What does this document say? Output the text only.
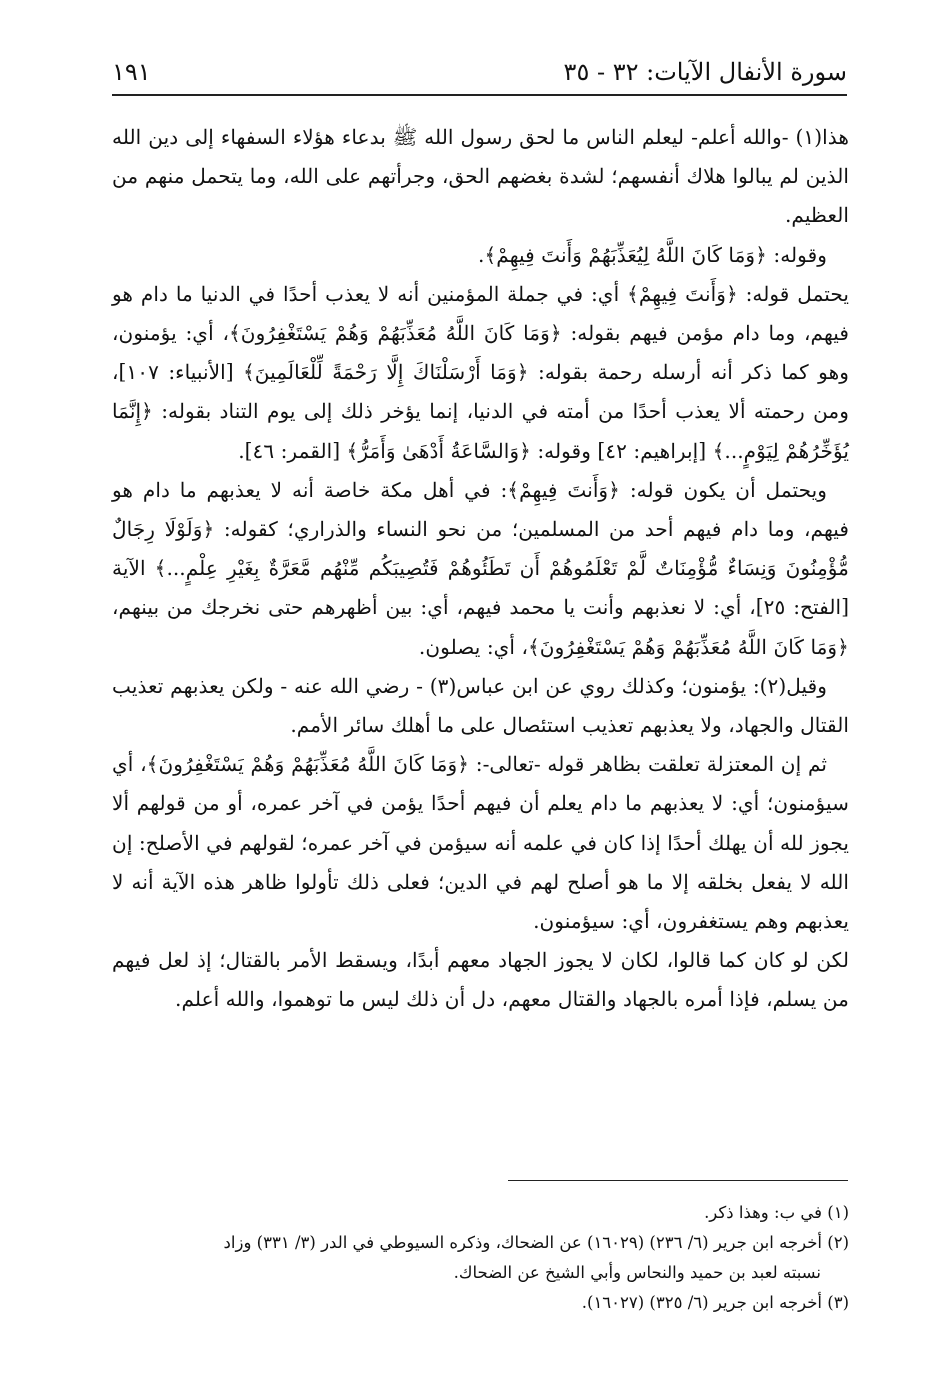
سورة الأنفال الآيات: ٣٢ - ٣٥
١٩١

هذا(١) -والله أعلم- ليعلم الناس ما لحق رسول الله ﷺ بدعاء هؤلاء السفهاء إلى دين الله الذين لم يبالوا هلاك أنفسهم؛ لشدة بغضهم الحق، وجرأتهم على الله، وما يتحمل منهم من العظيم.

وقوله: ﴿وَمَا كَانَ اللَّهُ لِيُعَذِّبَهُمْ وَأَنتَ فِيهِمْ﴾.

يحتمل قوله: ﴿وَأَنتَ فِيهِمْ﴾ أي: في جملة المؤمنين أنه لا يعذب أحدًا في الدنيا ما دام هو فيهم، وما دام مؤمن فيهم بقوله: ﴿وَمَا كَانَ اللَّهُ مُعَذِّبَهُمْ وَهُمْ يَسْتَغْفِرُونَ﴾، أي: يؤمنون، وهو كما ذكر أنه أرسله رحمة بقوله: ﴿وَمَا أَرْسَلْنَاكَ إِلَّا رَحْمَةً لِّلْعَالَمِينَ﴾ [الأنبياء: ١٠٧]، ومن رحمته ألا يعذب أحدًا من أمته في الدنيا، إنما يؤخر ذلك إلى يوم التناد بقوله: ﴿إِنَّمَا يُؤَخِّرُهُمْ لِيَوْمٍ...﴾ [إبراهيم: ٤٢] وقوله: ﴿وَالسَّاعَةُ أَدْهَىٰ وَأَمَرُّ﴾ [القمر: ٤٦].

ويحتمل أن يكون قوله: ﴿وَأَنتَ فِيهِمْ﴾: في أهل مكة خاصة أنه لا يعذبهم ما دام هو فيهم، وما دام فيهم أحد من المسلمين؛ من نحو النساء والذراري؛ كقوله: ﴿وَلَوْلَا رِجَالٌ مُّؤْمِنُونَ وَنِسَاءٌ مُّؤْمِنَاتٌ لَّمْ تَعْلَمُوهُمْ أَن تَطَئُوهُمْ فَتُصِيبَكُم مِّنْهُم مَّعَرَّةٌ بِغَيْرِ عِلْمٍ...﴾ الآية [الفتح: ٢٥]، أي: لا نعذبهم وأنت يا محمد فيهم، أي: بين أظهرهم حتى نخرجك من بينهم، ﴿وَمَا كَانَ اللَّهُ مُعَذِّبَهُمْ وَهُمْ يَسْتَغْفِرُونَ﴾، أي: يصلون.

وقيل(٢): يؤمنون؛ وكذلك روي عن ابن عباس(٣) - رضي الله عنه - ولكن يعذبهم تعذيب القتال والجهاد، ولا يعذبهم تعذيب استئصال على ما أهلك سائر الأمم.

ثم إن المعتزلة تعلقت بظاهر قوله -تعالى-: ﴿وَمَا كَانَ اللَّهُ مُعَذِّبَهُمْ وَهُمْ يَسْتَغْفِرُونَ﴾، أي سيؤمنون؛ أي: لا يعذبهم ما دام يعلم أن فيهم أحدًا يؤمن في آخر عمره، أو من قولهم ألا يجوز لله أن يهلك أحدًا إذا كان في علمه أنه سيؤمن في آخر عمره؛ لقولهم في الأصلح: إن الله لا يفعل بخلقه إلا ما هو أصلح لهم في الدين؛ فعلى ذلك تأولوا ظاهر هذه الآية أنه لا يعذبهم وهم يستغفرون، أي: سيؤمنون.

لكن لو كان كما قالوا، لكان لا يجوز الجهاد معهم أبدًا، ويسقط الأمر بالقتال؛ إذ لعل فيهم من يسلم، فإذا أمره بالجهاد والقتال معهم، دل أن ذلك ليس ما توهموا، والله أعلم.

(١) في ب: وهذا ذكر.

(٢) أخرجه ابن جرير (٦/ ٢٣٦) (١٦٠٢٩) عن الضحاك، وذكره السيوطي في الدر (٣/ ٣٣١) وزاد

نسبته لعبد بن حميد والنحاس وأبي الشيخ عن الضحاك.

(٣) أخرجه ابن جرير (٦/ ٣٢٥) (١٦٠٢٧).
